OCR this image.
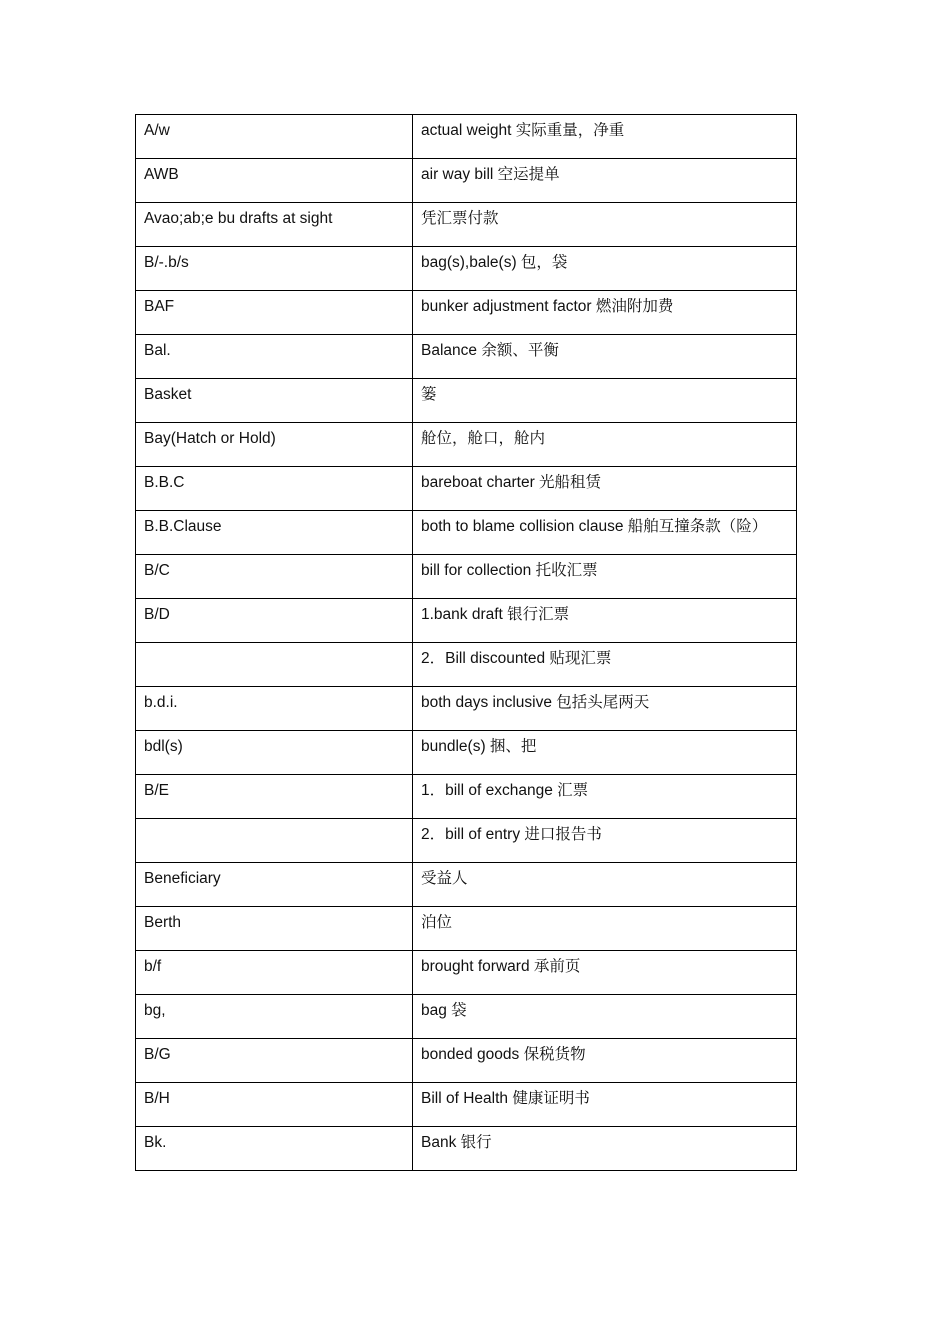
A/w	actual weight 实际重量，净重

AWB	air way bill 空运提单

Avao;ab;e bu drafts at sight	凭汇票付款

B/-.b/s	bag(s),bale(s) 包，袋

BAF	bunker adjustment factor 燃油附加费

Bal.	Balance 余额、平衡

Basket	篓

Bay(Hatch or Hold)	舱位，舱口，舱内

B.B.C	bareboat charter 光船租赁

B.B.Clause	both to blame collision clause 船舶互撞条款（险）

B/C	bill for collection 托收汇票

B/D	1.bank draft 银行汇票

	2．Bill discounted 贴现汇票

b.d.i.	both days inclusive 包括头尾两天

bdl(s)	bundle(s) 捆、把

B/E	1．bill of exchange 汇票

	2．bill of entry 进口报告书

Beneficiary	受益人

Berth	泊位

b/f	brought forward 承前页

bg,	bag 袋

B/G	bonded goods 保税货物

B/H	Bill of Health 健康证明书

Bk.	Bank 银行
